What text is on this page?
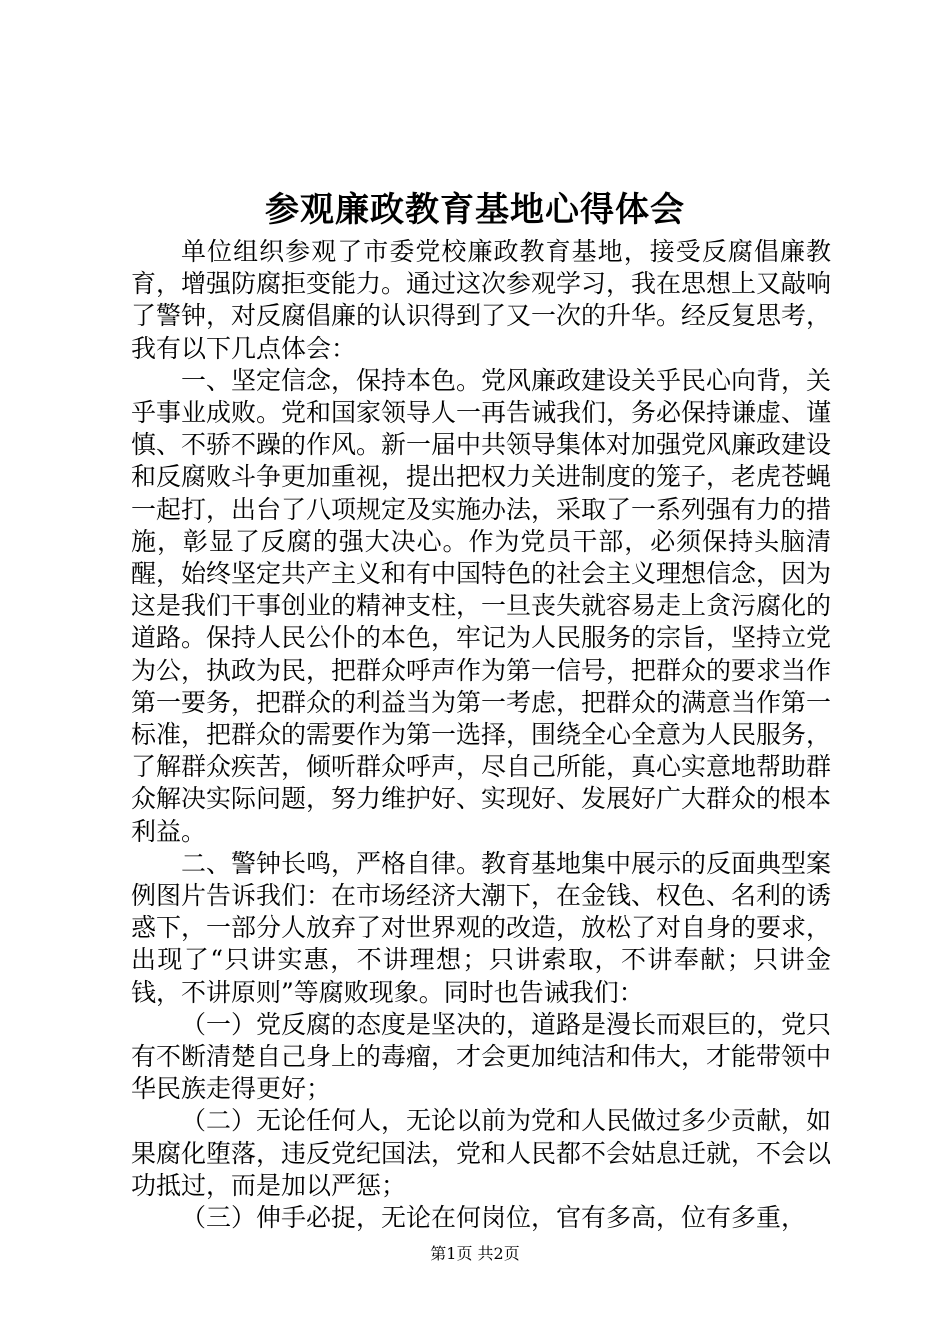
参观廉政教育基地心得体会

单位组织参观了市委党校廉政教育基地，接受反腐倡廉教育，增强防腐拒变能力。通过这次参观学习，我在思想上又敲响了警钟，对反腐倡廉的认识得到了又一次的升华。经反复思考，我有以下几点体会：

一、坚定信念，保持本色。党风廉政建设关乎民心向背，关乎事业成败。党和国家领导人一再告诫我们，务必保持谦虚、谨慎、不骄不躁的作风。新一届中共领导集体对加强党风廉政建设和反腐败斗争更加重视，提出把权力关进制度的笼子，老虎苍蝇一起打，出台了八项规定及实施办法，采取了一系列强有力的措施，彰显了反腐的强大决心。作为党员干部，必须保持头脑清醒，始终坚定共产主义和有中国特色的社会主义理想信念，因为这是我们干事创业的精神支柱，一旦丧失就容易走上贪污腐化的道路。保持人民公仆的本色，牢记为人民服务的宗旨，坚持立党为公，执政为民，把群众呼声作为第一信号，把群众的要求当作第一要务，把群众的利益当为第一考虑，把群众的满意当作第一标准，把群众的需要作为第一选择，围绕全心全意为人民服务，了解群众疾苦，倾听群众呼声，尽自己所能，真心实意地帮助群众解决实际问题，努力维护好、实现好、发展好广大群众的根本利益。

二、警钟长鸣，严格自律。教育基地集中展示的反面典型案例图片告诉我们：在市场经济大潮下，在金钱、权色、名利的诱惑下，一部分人放弃了对世界观的改造，放松了对自身的要求，出现了“只讲实惠，不讲理想；只讲索取，不讲奉献；只讲金钱，不讲原则”等腐败现象。同时也告诫我们：

（一）党反腐的态度是坚决的，道路是漫长而艰巨的，党只有不断清楚自己身上的毒瘤，才会更加纯洁和伟大，才能带领中华民族走得更好；

（二）无论任何人，无论以前为党和人民做过多少贡献，如果腐化堕落，违反党纪国法，党和人民都不会姑息迁就，不会以功抵过，而是加以严惩；

（三）伸手必捉，无论在何岗位，官有多高，位有多重，

第1页 共2页
